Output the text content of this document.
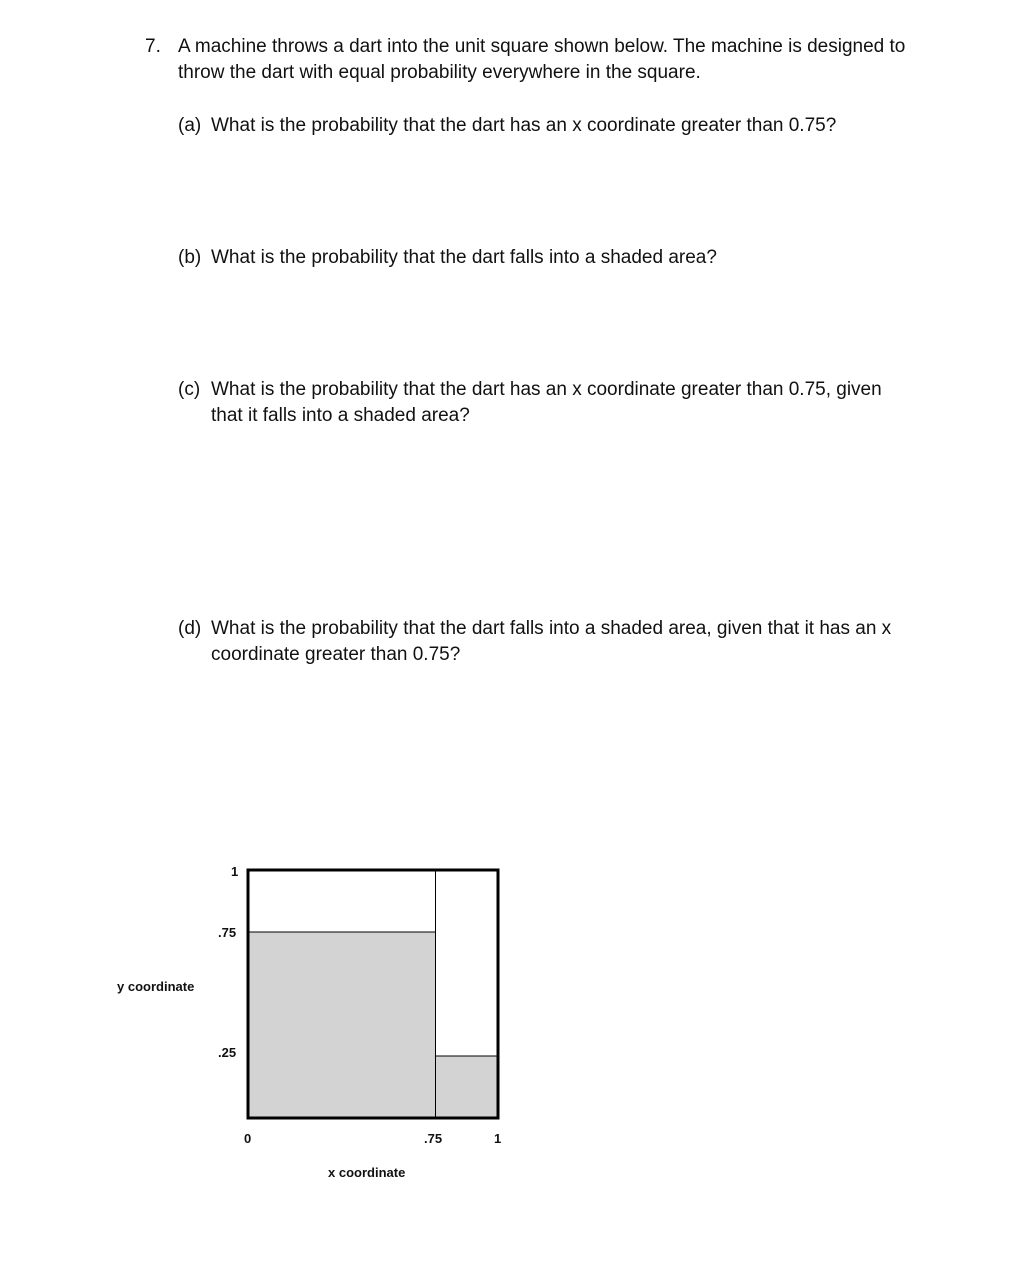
7. A machine throws a dart into the unit square shown below. The machine is designed to
throw the dart with equal probability everywhere in the square.
(a) What is the probability that the dart has an x coordinate greater than 0.75?
(b) What is the probability that the dart falls into a shaded area?
(c) What is the probability that the dart has an x coordinate greater than 0.75, given
that it falls into a shaded area?
(d) What is the probability that the dart falls into a shaded area, given that it has an x
coordinate greater than 0.75?
1
.75
.25
y coordinate
0	.75	1
x coordinate
